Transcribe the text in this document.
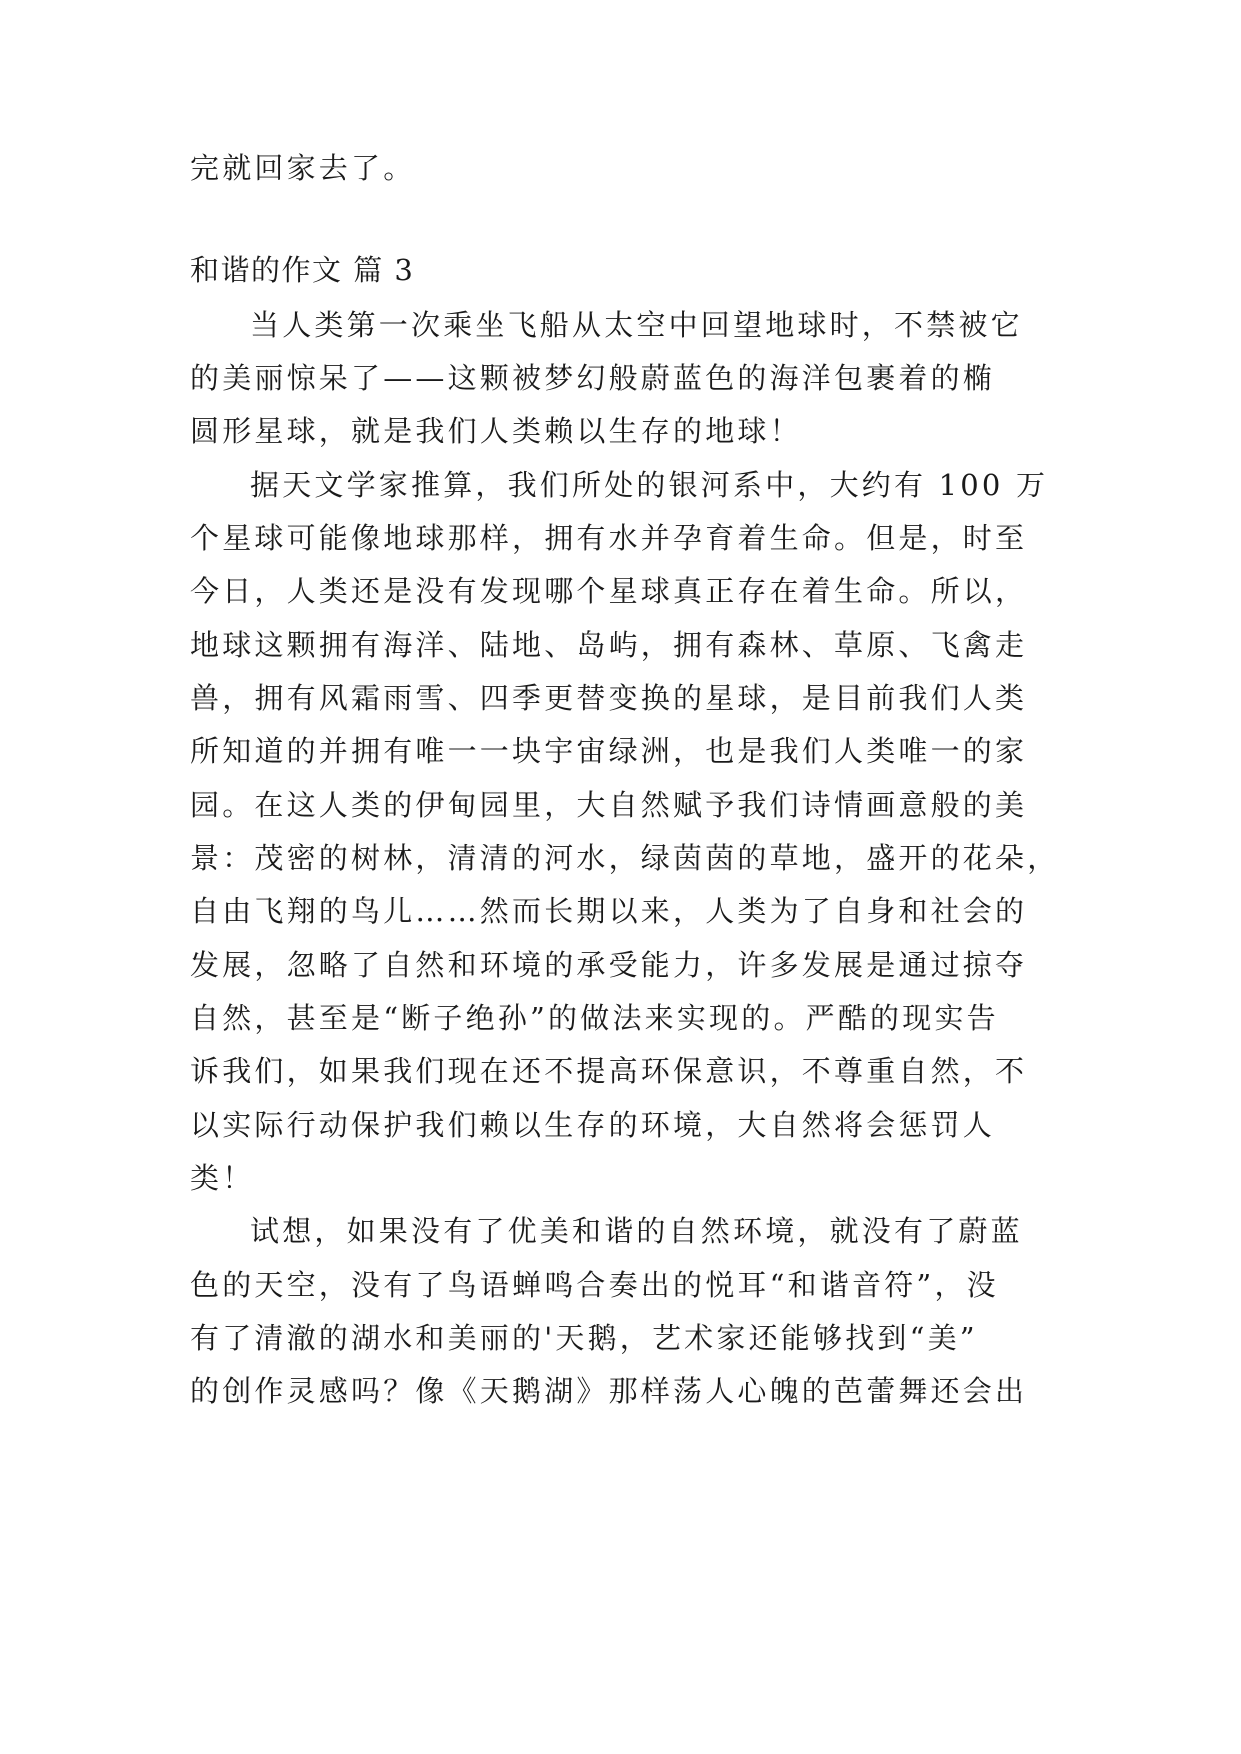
完就回家去了。
和谐的作文 篇 3
当人类第一次乘坐飞船从太空中回望地球时，不禁被它
的美丽惊呆了——这颗被梦幻般蔚蓝色的海洋包裹着的椭
圆形星球，就是我们人类赖以生存的地球！
据天文学家推算，我们所处的银河系中，大约有 100 万
个星球可能像地球那样，拥有水并孕育着生命。但是，时至
今日，人类还是没有发现哪个星球真正存在着生命。所以，
地球这颗拥有海洋、陆地、岛屿，拥有森林、草原、飞禽走
兽，拥有风霜雨雪、四季更替变换的星球，是目前我们人类
所知道的并拥有唯一一块宇宙绿洲，也是我们人类唯一的家
园。在这人类的伊甸园里，大自然赋予我们诗情画意般的美
景：茂密的树林，清清的河水，绿茵茵的草地，盛开的花朵，
自由飞翔的鸟儿……然而长期以来，人类为了自身和社会的
发展，忽略了自然和环境的承受能力，许多发展是通过掠夺
自然，甚至是“断子绝孙”的做法来实现的。严酷的现实告
诉我们，如果我们现在还不提高环保意识，不尊重自然，不
以实际行动保护我们赖以生存的环境，大自然将会惩罚人
类！
试想，如果没有了优美和谐的自然环境，就没有了蔚蓝
色的天空，没有了鸟语蝉鸣合奏出的悦耳“和谐音符”，没
有了清澈的湖水和美丽的'天鹅，艺术家还能够找到“美”
的创作灵感吗？像《天鹅湖》那样荡人心魄的芭蕾舞还会出
